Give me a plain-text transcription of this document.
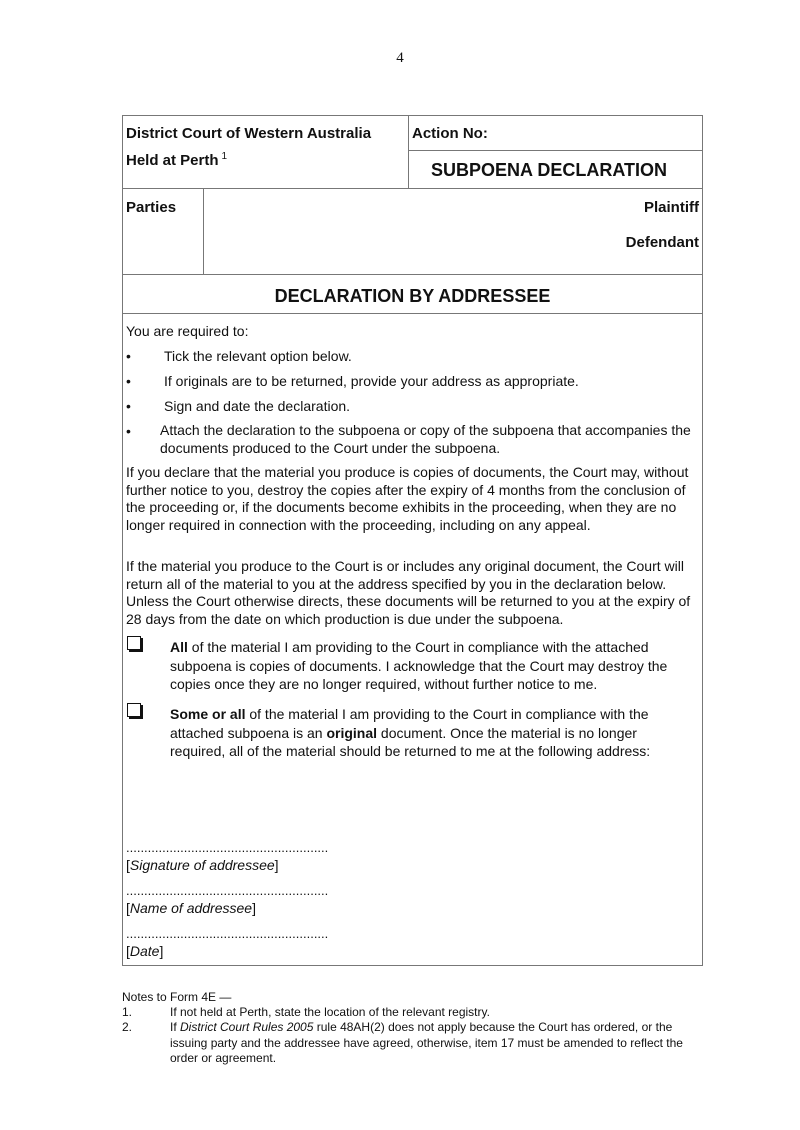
4
District Court of Western Australia
Held at Perth $^1$
Action No:
SUBPOENA DECLARATION
Parties	Plaintiff
Defendant
DECLARATION BY ADDRESSEE
You are required to:
• Tick the relevant option below.
• If originals are to be returned, provide your address as appropriate.
• Sign and date the declaration.
• Attach the declaration to the subpoena or copy of the subpoena that accompanies the documents produced to the Court under the subpoena.
If you declare that the material you produce is copies of documents, the Court may, without further notice to you, destroy the copies after the expiry of 4 months from the conclusion of the proceeding or, if the documents become exhibits in the proceeding, when they are no longer required in connection with the proceeding, including on any appeal.
If the material you produce to the Court is or includes any original document, the Court will return all of the material to you at the address specified by you in the declaration below. Unless the Court otherwise directs, these documents will be returned to you at the expiry of 28 days from the date on which production is due under the subpoena.
All of the material I am providing to the Court in compliance with the attached subpoena is copies of documents. I acknowledge that the Court may destroy the copies once they are no longer required, without further notice to me.
Some or all of the material I am providing to the Court in compliance with the attached subpoena is an original document. Once the material is no longer required, all of the material should be returned to me at the following address:
........................................................
[Signature of addressee]
........................................................
[Name of addressee]
........................................................
[Date]
Notes to Form 4E —
1.	If not held at Perth, state the location of the relevant registry.
2.	If District Court Rules 2005 rule 48AH(2) does not apply because the Court has ordered, or the issuing party and the addressee have agreed, otherwise, item 17 must be amended to reflect the order or agreement.
